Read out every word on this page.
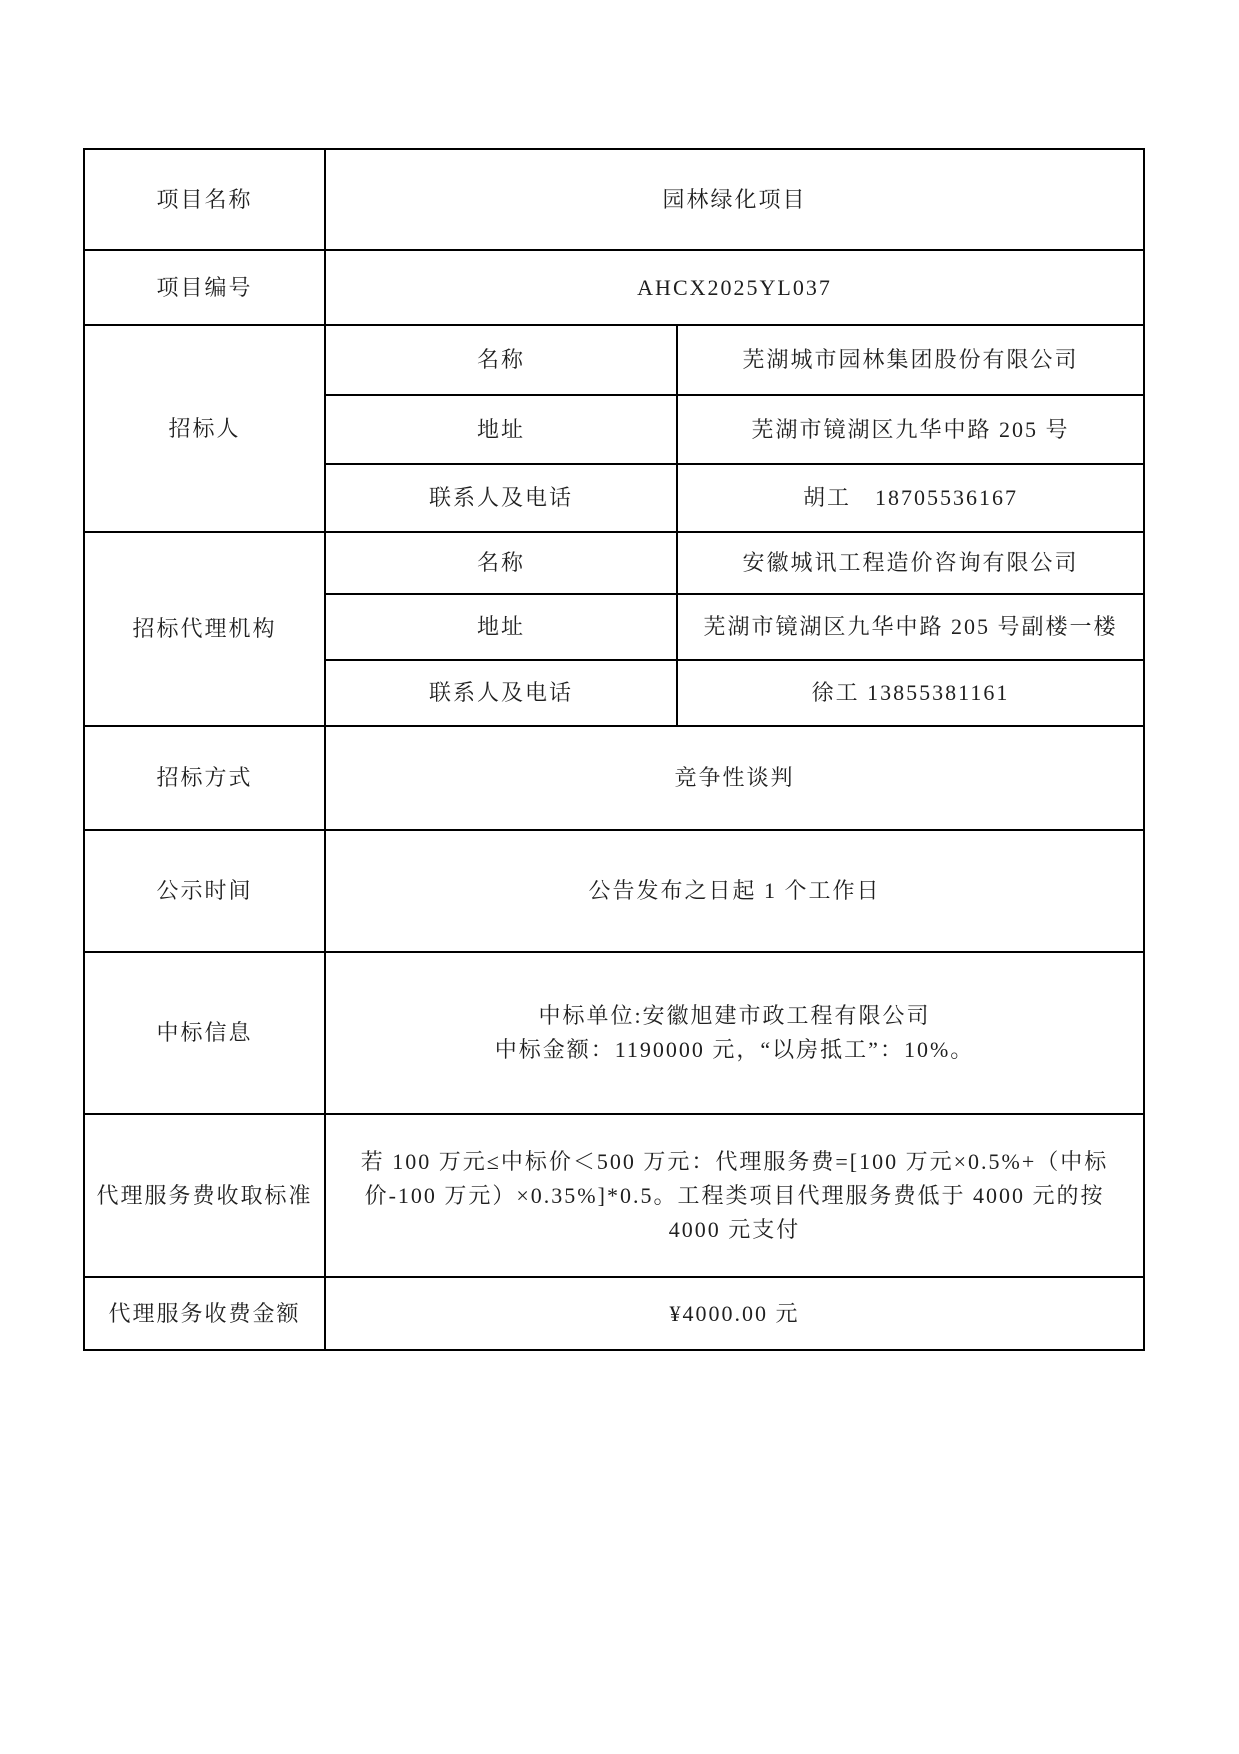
项目名称	园林绿化项目	
项目编号	AHCX2025YL037	
招标人	名称	芜湖城市园林集团股份有限公司
	地址	芜湖市镜湖区九华中路 205 号
	联系人及电话	胡工　18705536167
招标代理机构	名称	安徽城讯工程造价咨询有限公司
	地址	芜湖市镜湖区九华中路 205 号副楼一楼
	联系人及电话	徐工 13855381161
招标方式	竞争性谈判	
公示时间	公告发布之日起 1 个工作日	
中标信息	中标单位:安徽旭建市政工程有限公司
中标金额：1190000 元，“以房抵工”：10%。	

代理服务费收取标准	若 100 万元≤中标价＜500 万元：代理服务费=[100 万元×0.5%+（中标价-100 万元）×0.35%]*0.5。工程类项目代理服务费低于 4000 元的按 4000 元支付	
代理服务收费金额	¥4000.00 元	
